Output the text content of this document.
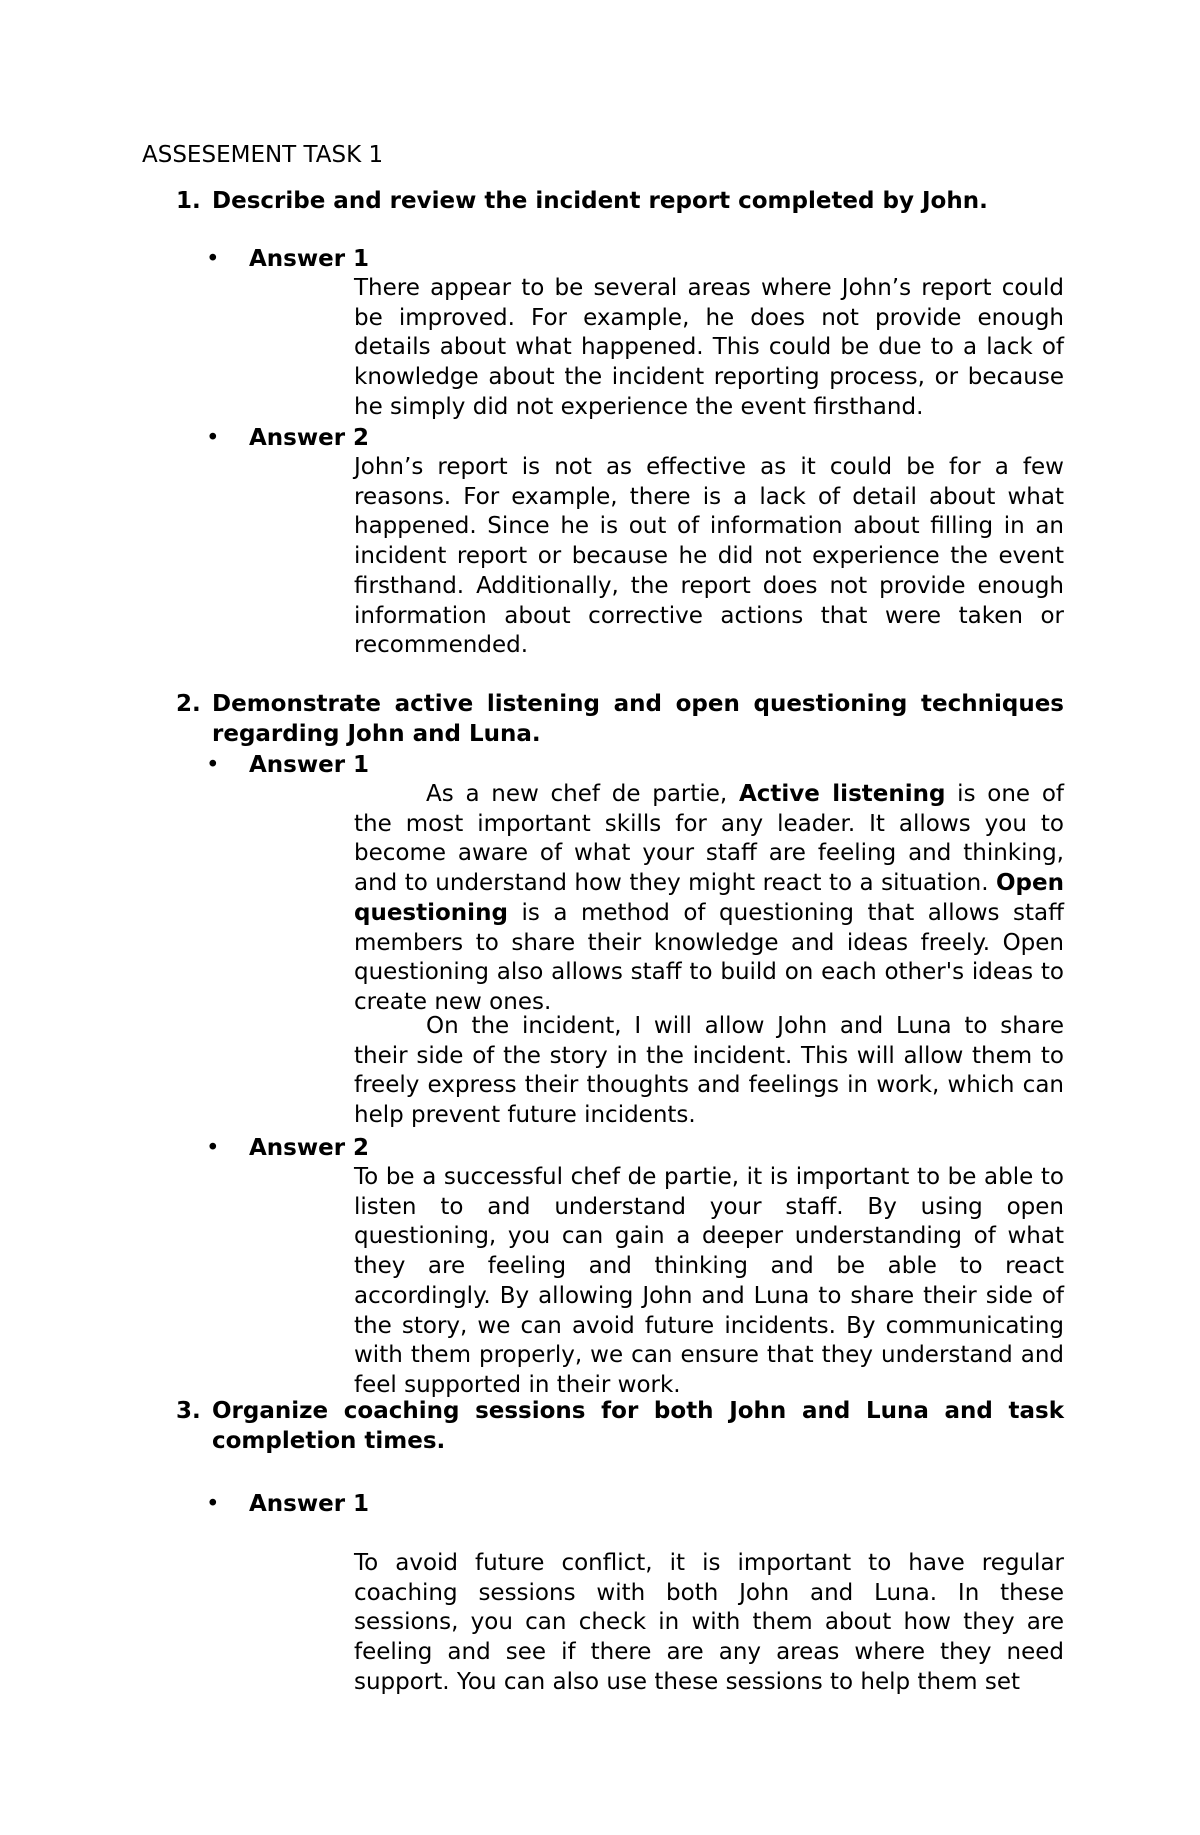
ASSESEMENT TASK 1
1. Describe and review the incident report completed by John.
• Answer 1
There appear to be several areas where John’s report could be improved. For example, he does not provide enough details about what happened. This could be due to a lack of knowledge about the incident reporting process, or because he simply did not experience the event firsthand.
• Answer 2
John’s report is not as effective as it could be for a few reasons. For example, there is a lack of detail about what happened. Since he is out of information about filling in an incident report or because he did not experience the event firsthand. Additionally, the report does not provide enough information about corrective actions that were taken or recommended.
2. Demonstrate active listening and open questioning techniques regarding John and Luna.
• Answer 1
As a new chef de partie, Active listening is one of the most important skills for any leader. It allows you to become aware of what your staff are feeling and thinking, and to understand how they might react to a situation. Open questioning is a method of questioning that allows staff members to share their knowledge and ideas freely. Open questioning also allows staff to build on each other's ideas to create new ones.
On the incident, I will allow John and Luna to share their side of the story in the incident. This will allow them to freely express their thoughts and feelings in work, which can help prevent future incidents.
• Answer 2
To be a successful chef de partie, it is important to be able to listen to and understand your staff. By using open questioning, you can gain a deeper understanding of what they are feeling and thinking and be able to react accordingly. By allowing John and Luna to share their side of the story, we can avoid future incidents. By communicating with them properly, we can ensure that they understand and feel supported in their work.
3. Organize coaching sessions for both John and Luna and task completion times.
• Answer 1
To avoid future conflict, it is important to have regular coaching sessions with both John and Luna. In these sessions, you can check in with them about how they are feeling and see if there are any areas where they need support. You can also use these sessions to help them set
